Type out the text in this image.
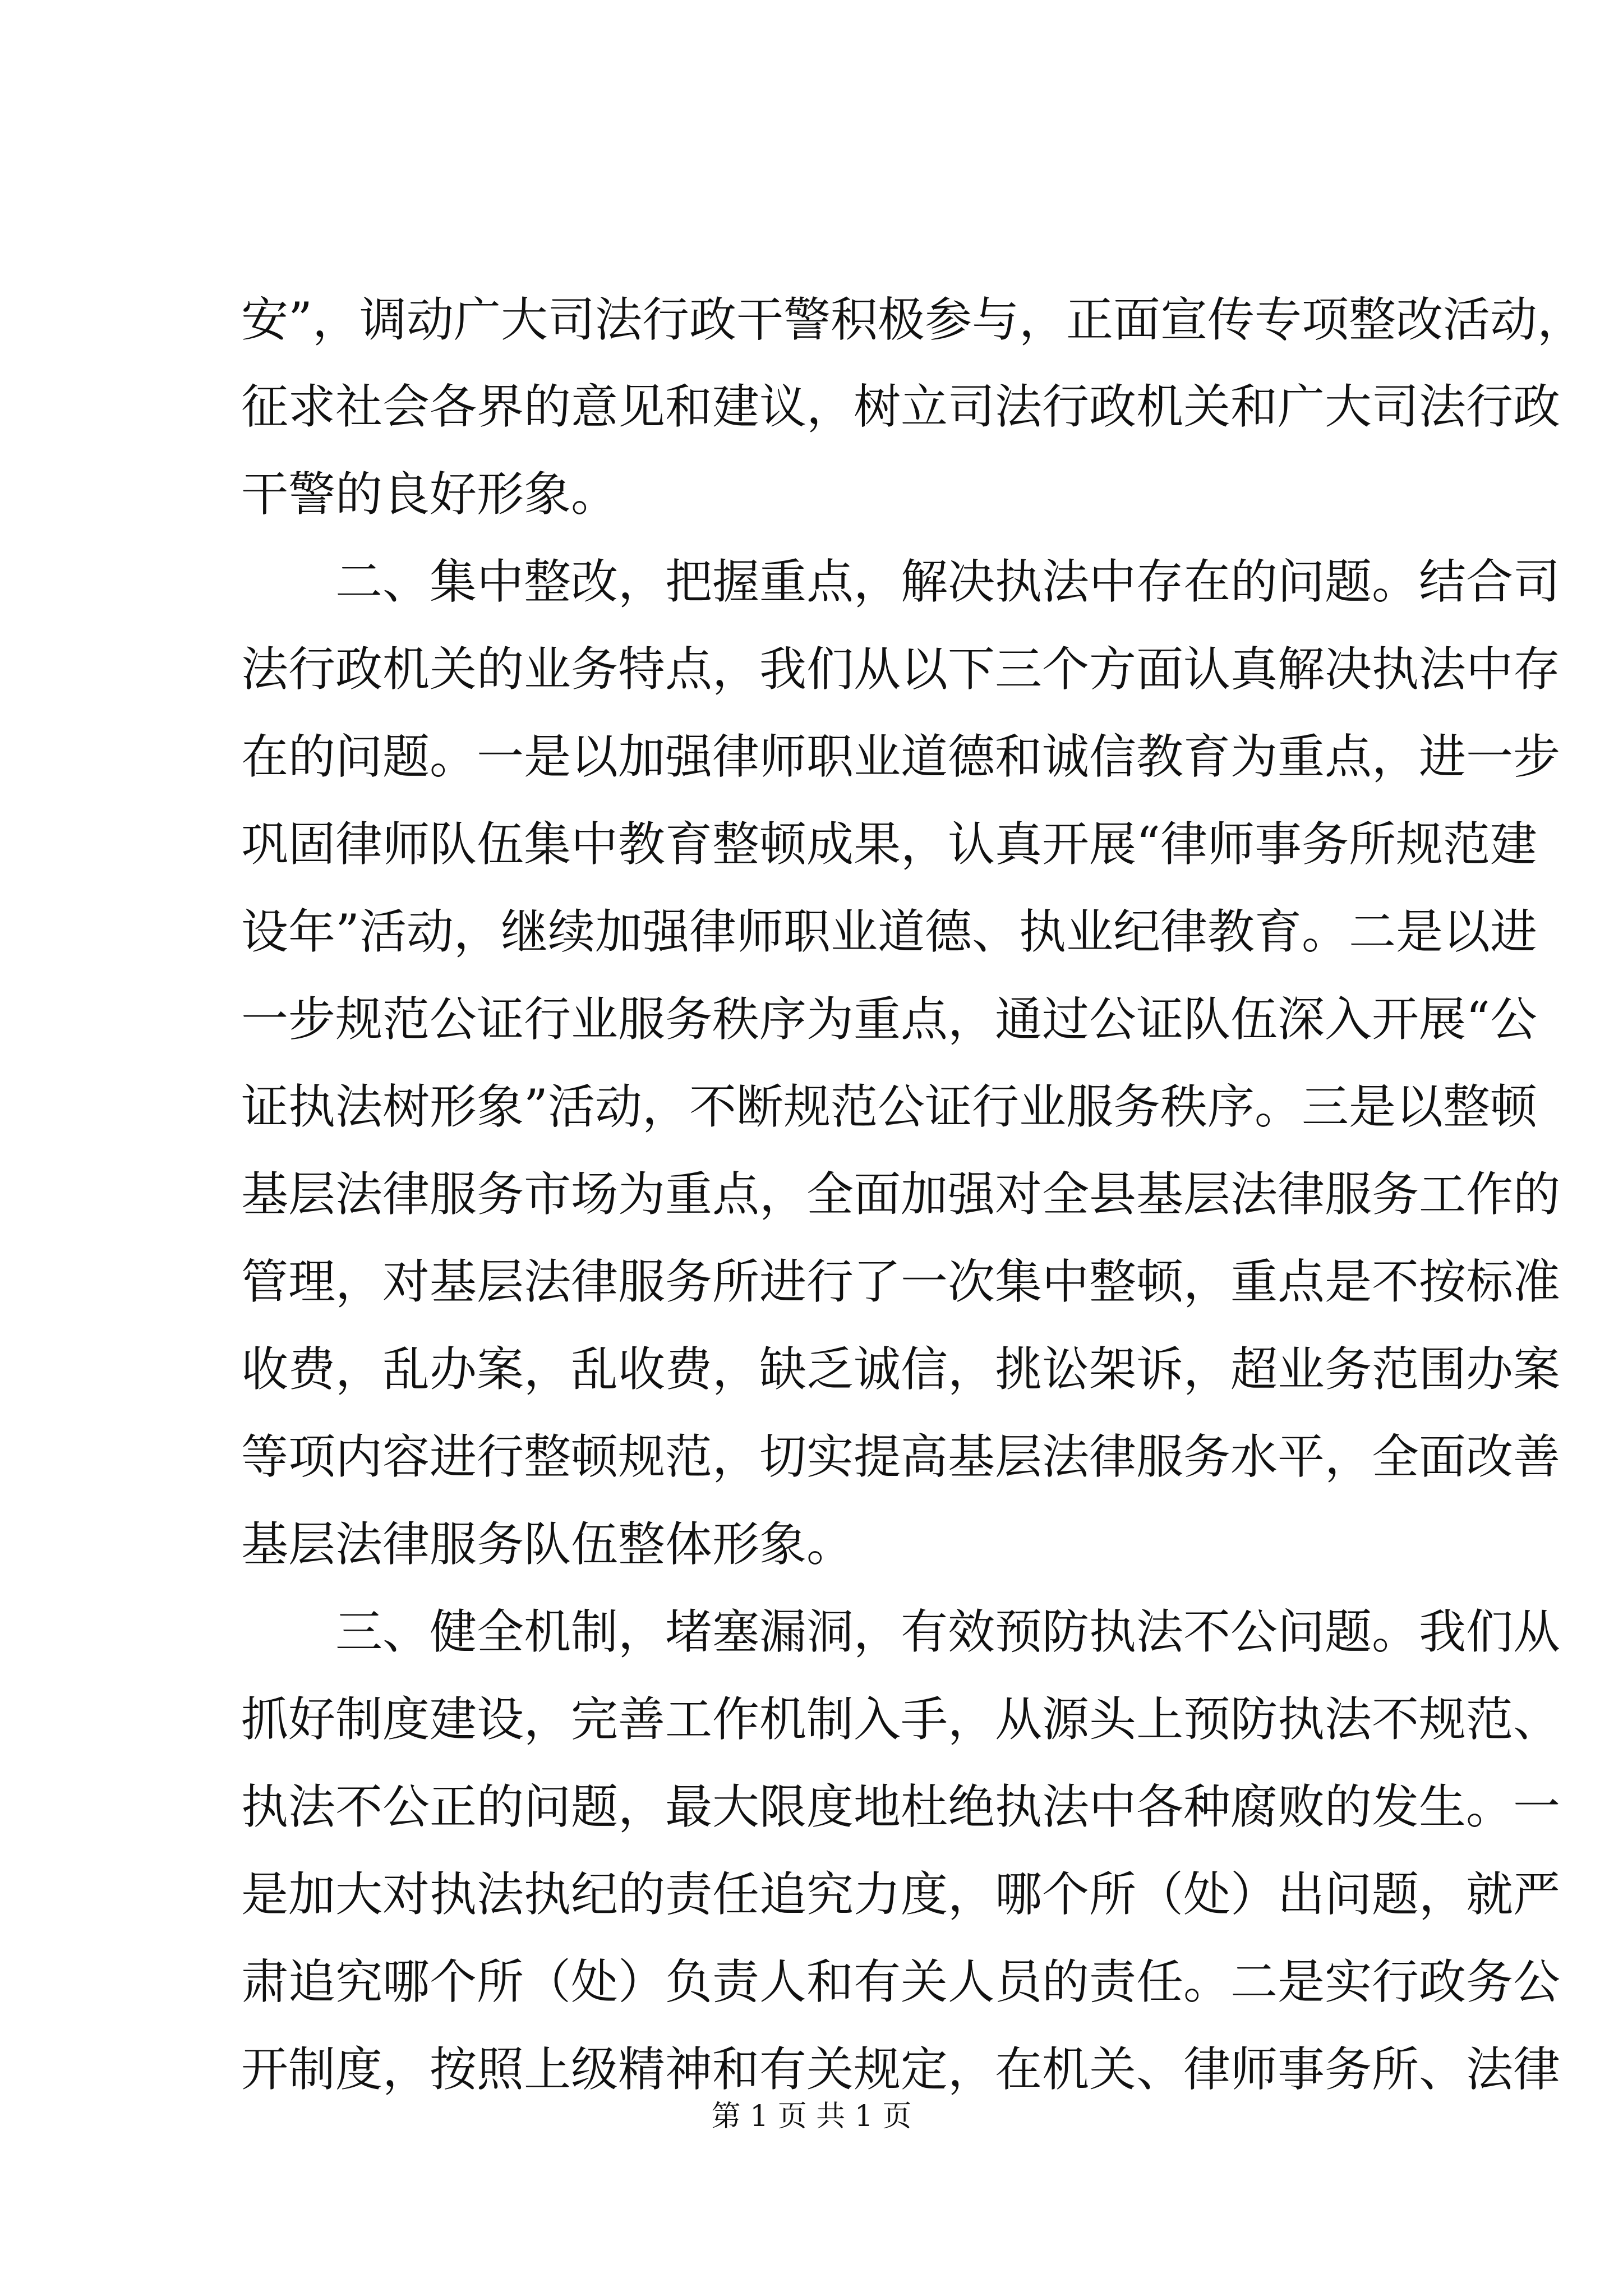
安”，调动广大司法行政干警积极参与，正面宣传专项整改活动，
征求社会各界的意见和建议，树立司法行政机关和广大司法行政
干警的良好形象。
二、集中整改，把握重点，解决执法中存在的问题。结合司
法行政机关的业务特点，我们从以下三个方面认真解决执法中存
在的问题。一是以加强律师职业道德和诚信教育为重点，进一步
巩固律师队伍集中教育整顿成果，认真开展“律师事务所规范建
设年”活动，继续加强律师职业道德、执业纪律教育。二是以进
一步规范公证行业服务秩序为重点，通过公证队伍深入开展“公
证执法树形象”活动，不断规范公证行业服务秩序。三是以整顿
基层法律服务市场为重点，全面加强对全县基层法律服务工作的
管理，对基层法律服务所进行了一次集中整顿，重点是不按标准
收费，乱办案，乱收费，缺乏诚信，挑讼架诉，超业务范围办案
等项内容进行整顿规范，切实提高基层法律服务水平，全面改善
基层法律服务队伍整体形象。
三、健全机制，堵塞漏洞，有效预防执法不公问题。我们从
抓好制度建设，完善工作机制入手，从源头上预防执法不规范、
执法不公正的问题，最大限度地杜绝执法中各种腐败的发生。一
是加大对执法执纪的责任追究力度，哪个所（处）出问题，就严
肃追究哪个所（处）负责人和有关人员的责任。二是实行政务公
开制度，按照上级精神和有关规定，在机关、律师事务所、法律
第 1 页 共 1 页
